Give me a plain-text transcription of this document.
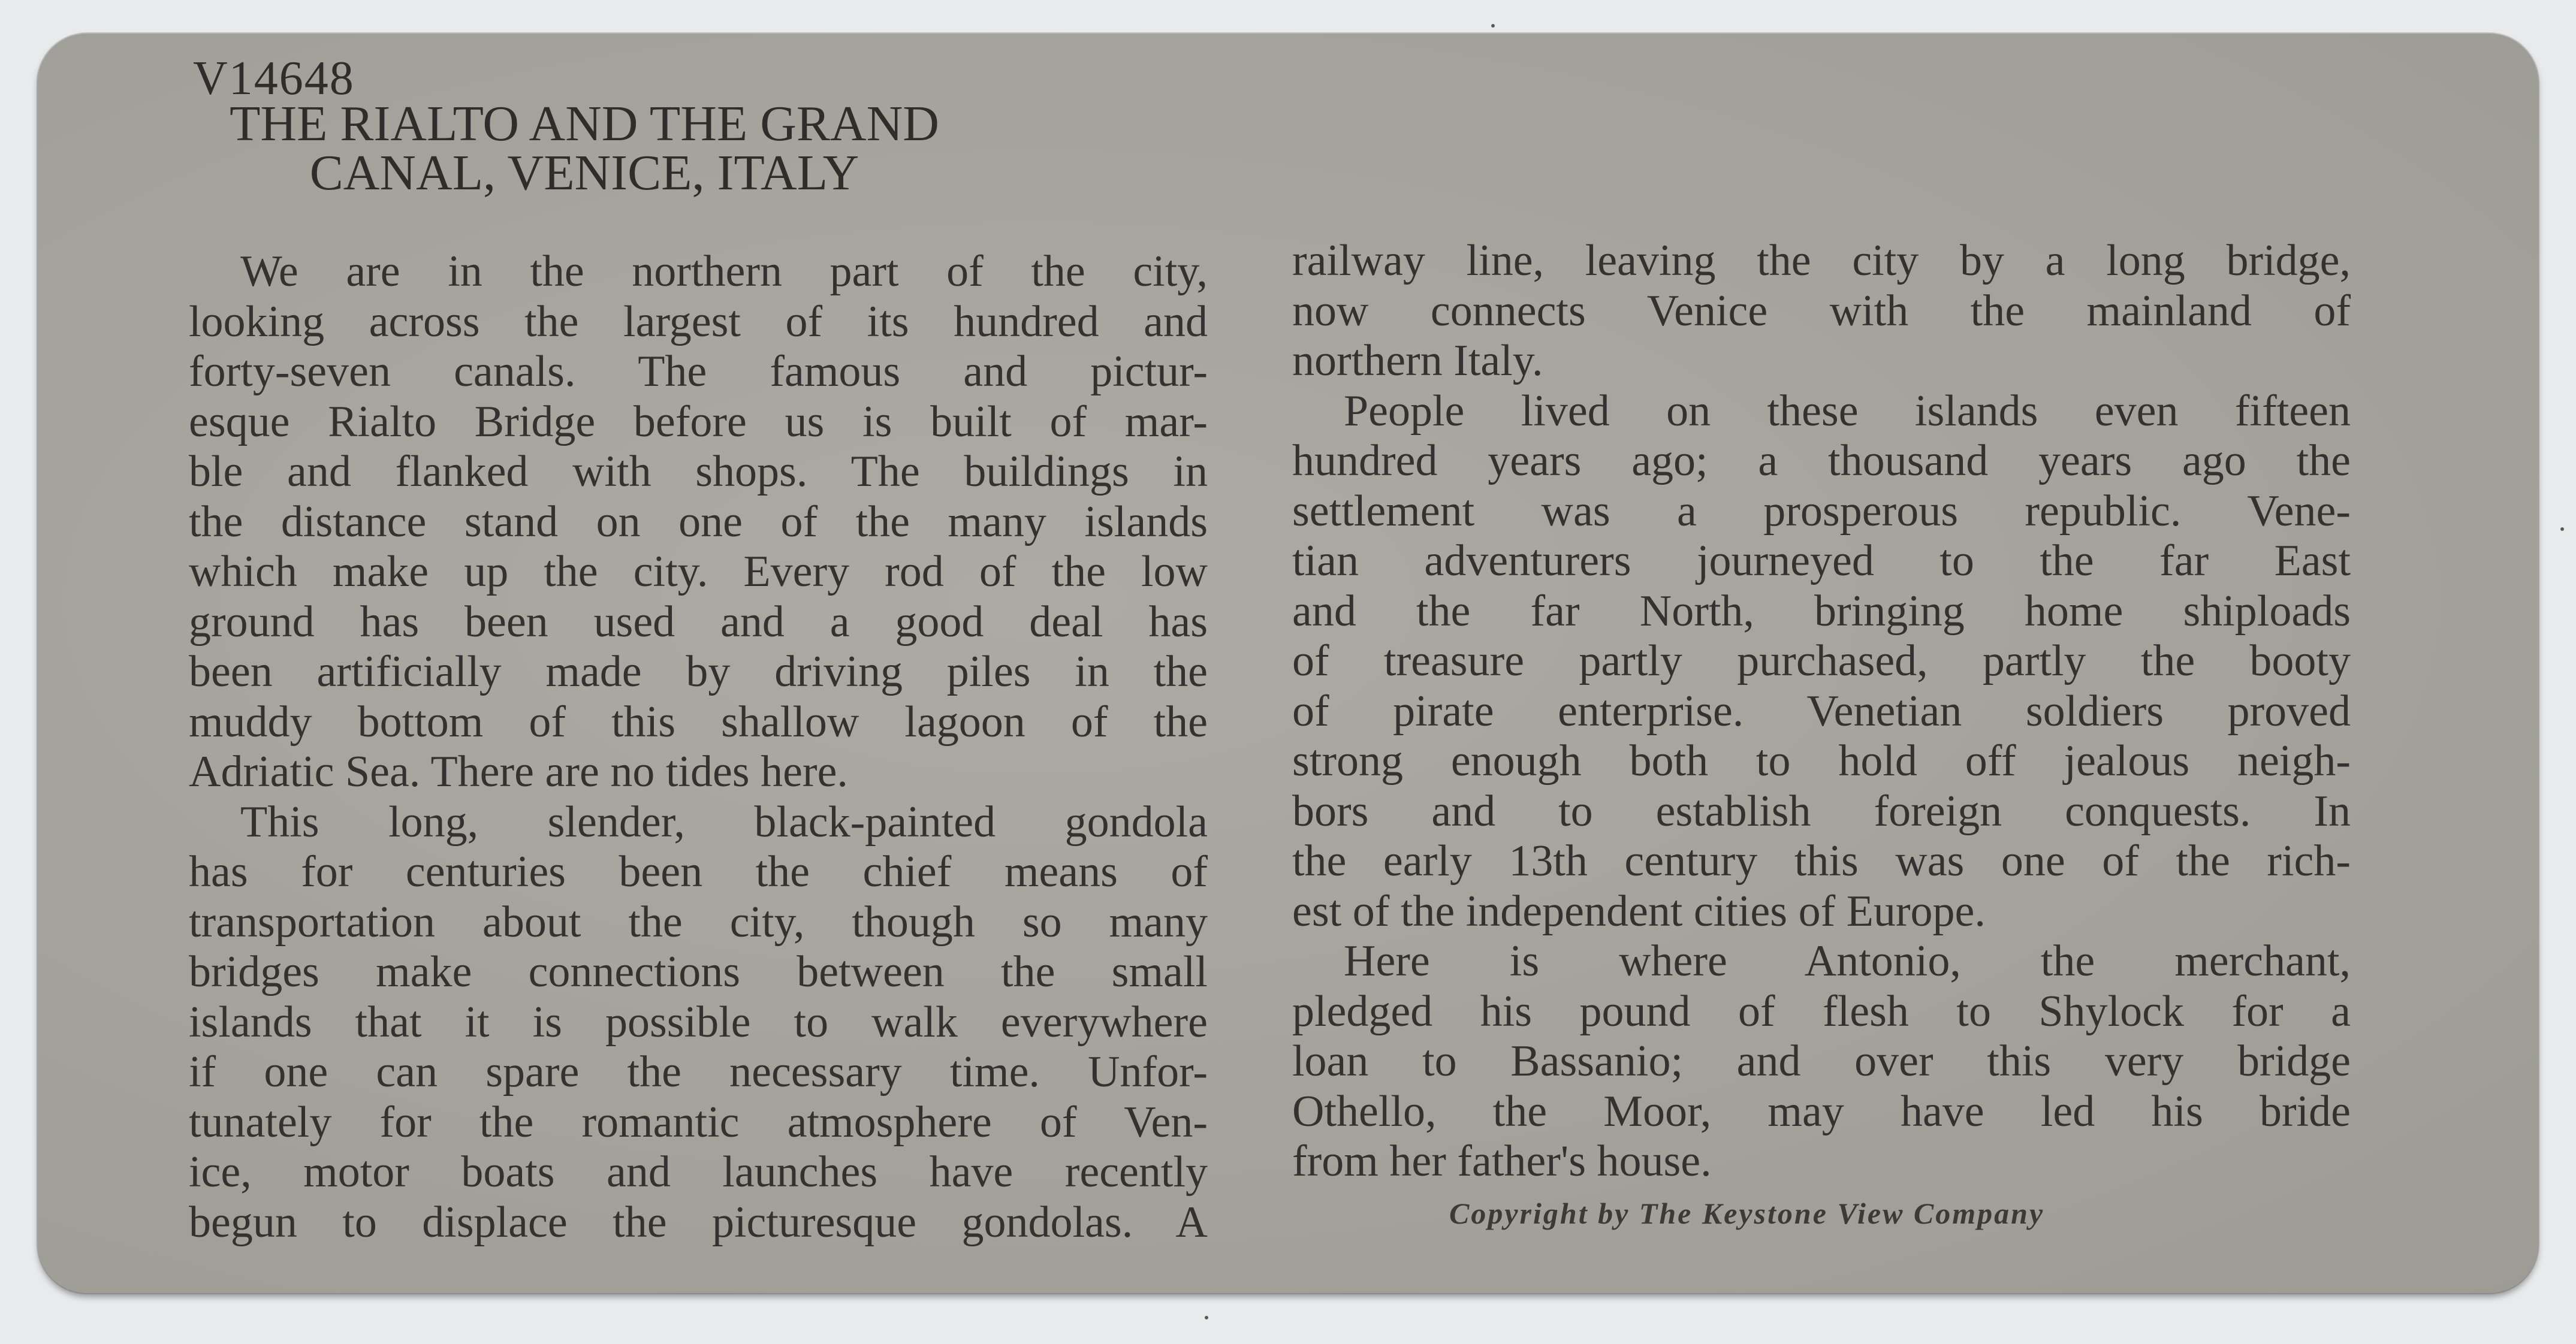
V14648
THE RIALTO AND THE GRAND
CANAL, VENICE, ITALY
We are in the northern part of the city,
looking across the largest of its hundred and
forty-seven canals. The famous and pictur-
esque Rialto Bridge before us is built of mar-
ble and flanked with shops. The buildings in
the distance stand on one of the many islands
which make up the city. Every rod of the low
ground has been used and a good deal has
been artificially made by driving piles in the
muddy bottom of this shallow lagoon of the
Adriatic Sea. There are no tides here.
This long, slender, black-painted gondola
has for centuries been the chief means of
transportation about the city, though so many
bridges make connections between the small
islands that it is possible to walk everywhere
if one can spare the necessary time. Unfor-
tunately for the romantic atmosphere of Ven-
ice, motor boats and launches have recently
begun to displace the picturesque gondolas. A
railway line, leaving the city by a long bridge,
now connects Venice with the mainland of
northern Italy.
People lived on these islands even fifteen
hundred years ago; a thousand years ago the
settlement was a prosperous republic. Vene-
tian adventurers journeyed to the far East
and the far North, bringing home shiploads
of treasure partly purchased, partly the booty
of pirate enterprise. Venetian soldiers proved
strong enough both to hold off jealous neigh-
bors and to establish foreign conquests. In
the early 13th century this was one of the rich-
est of the independent cities of Europe.
Here is where Antonio, the merchant,
pledged his pound of flesh to Shylock for a
loan to Bassanio; and over this very bridge
Othello, the Moor, may have led his bride
from her father's house.
Copyright by The Keystone View Company
